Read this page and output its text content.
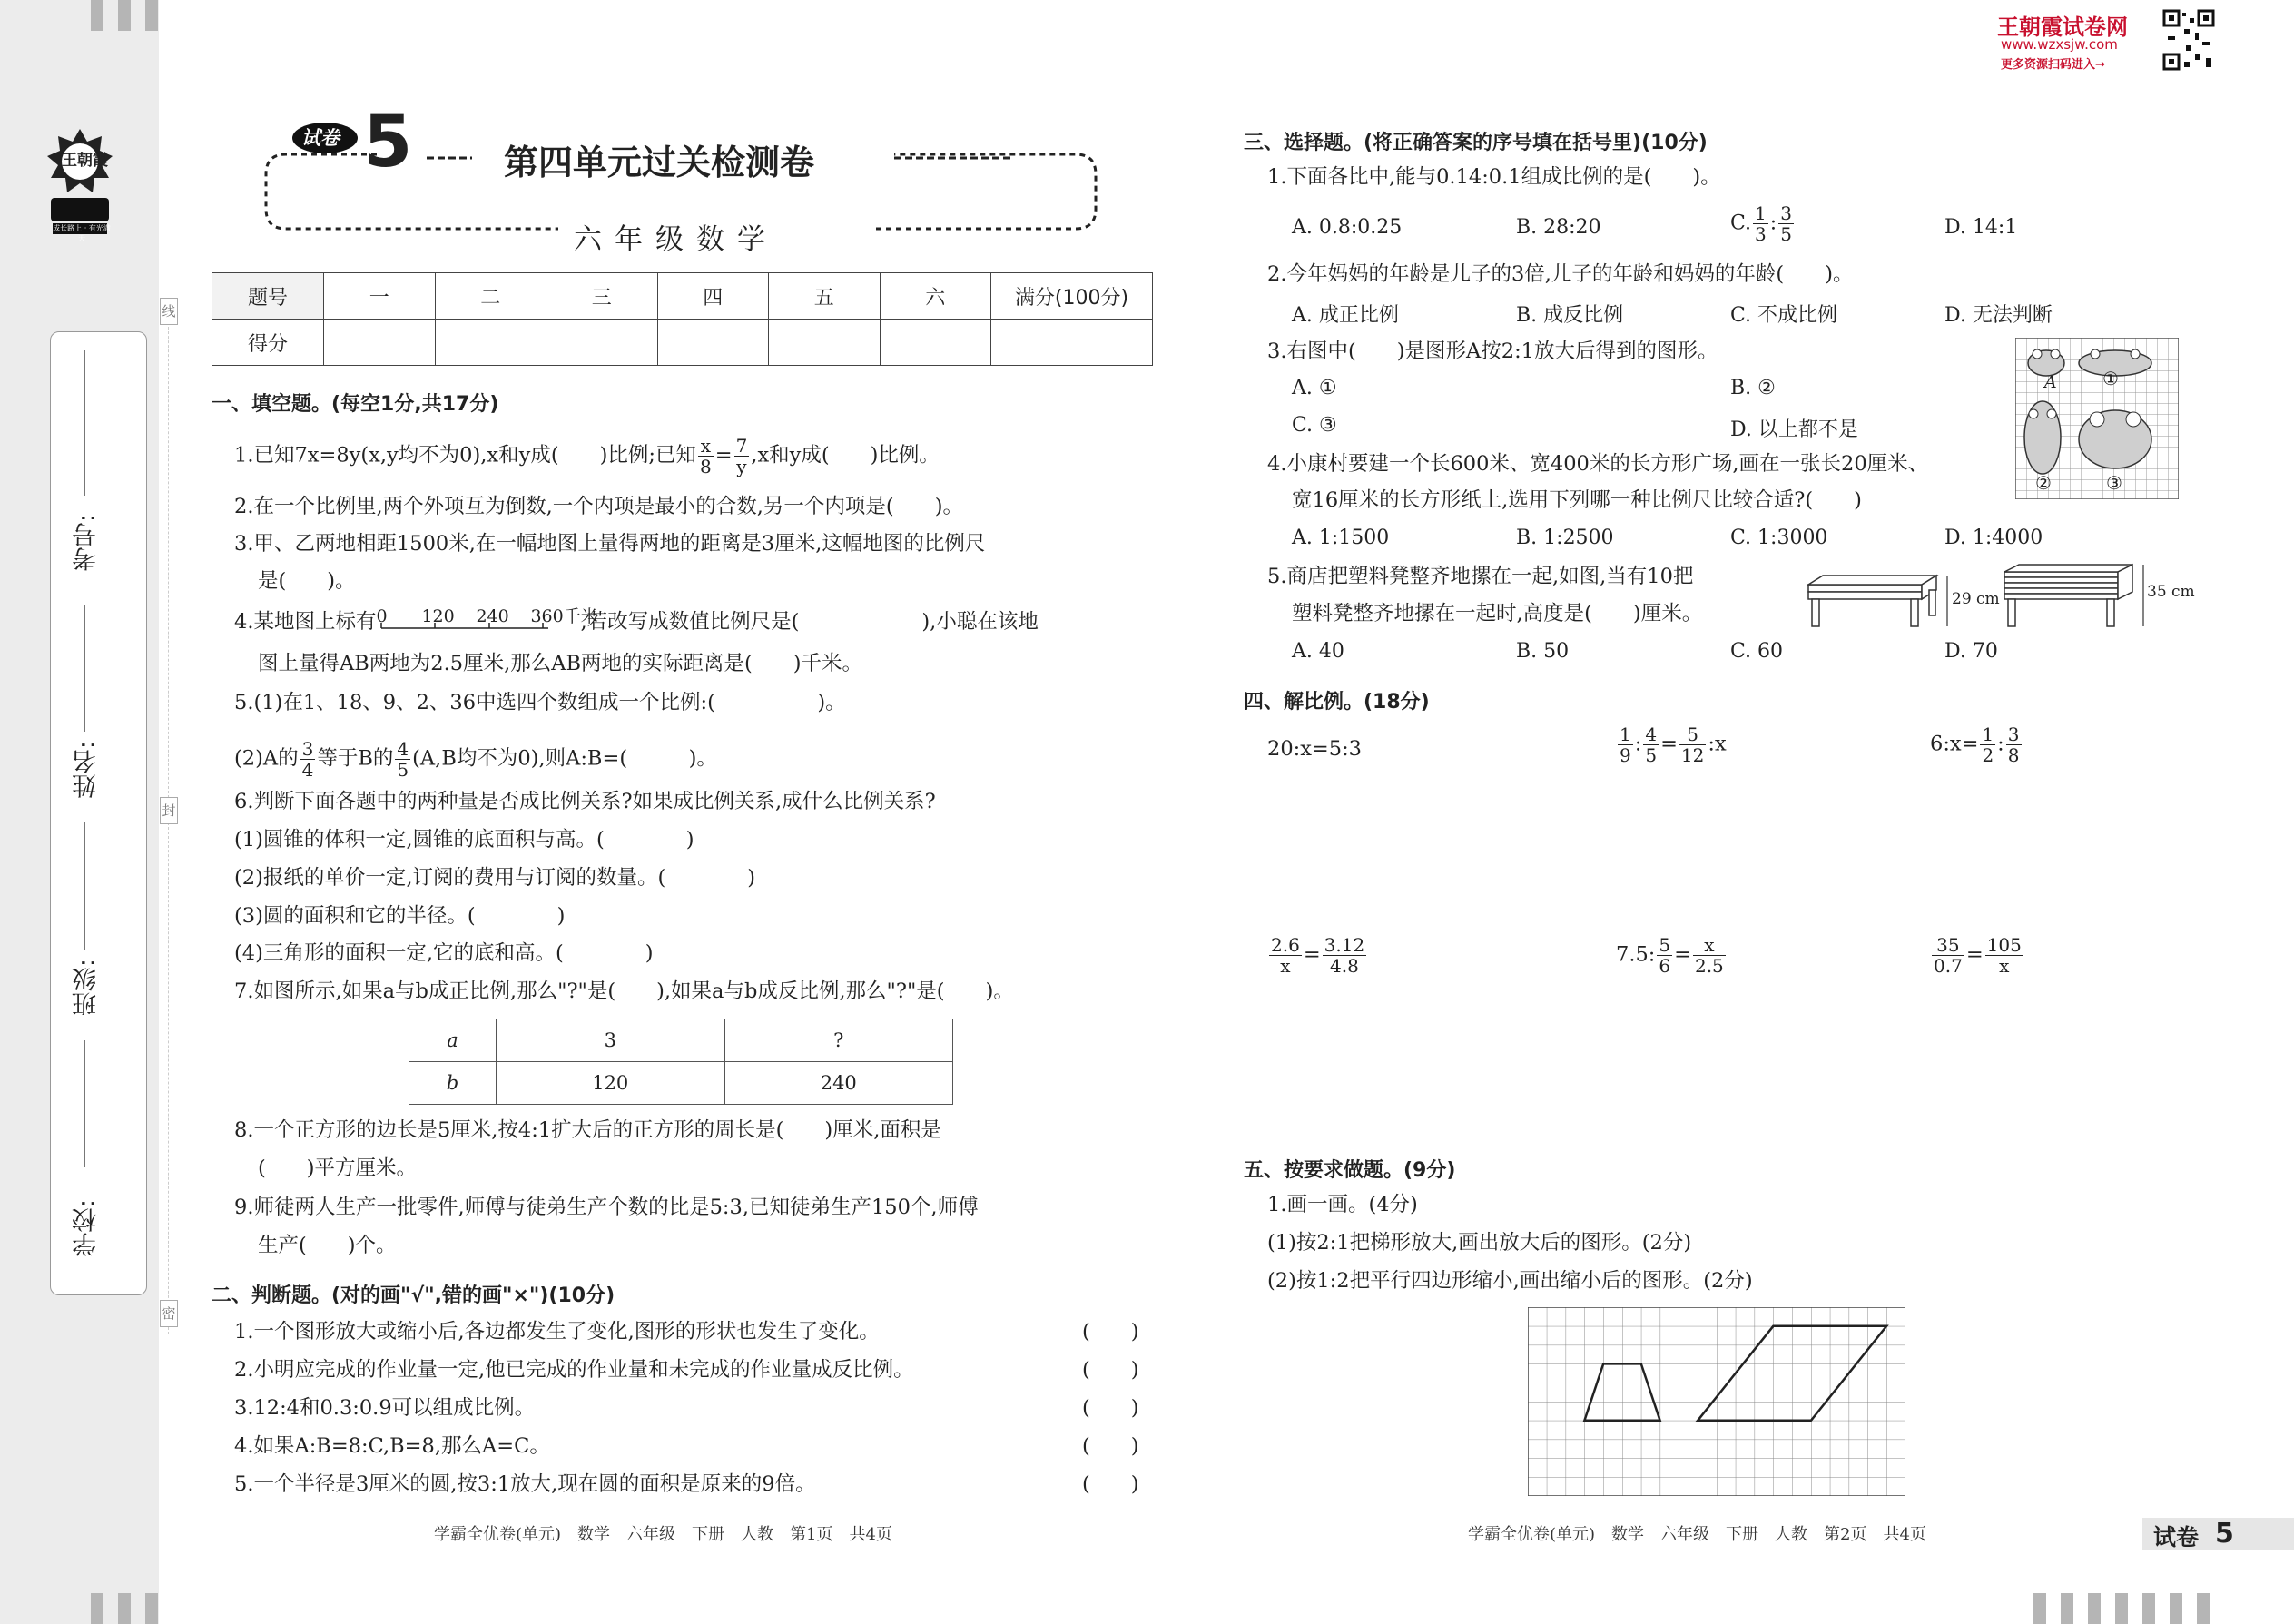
王朝霞
成长路上 · 有光满天
考号:
姓名:
班级:
学校:
线
封
密
王朝霞试卷网
www.wzxsjw.com
更多资源扫码进入→
试卷 5	第四单元过关检测卷
六年级数学
题号	一	二	三	四	五	六	满分(100分)
得分							
一、填空题。(每空1分,共17分)
1.已知7x=8y(x,y均不为0),x和y成(　　)比例;已知 $\frac{x}{8} = \frac{7}{y} ,x$和y成(　　)比例。
2.在一个比例里,两个外项互为倒数,一个内项是最小的合数,另一个内项是(　　)。
3.甲、乙两地相距1500米,在一幅地图上量得两地的距离是3厘米,这幅地图的比例尺
是(　　)。
4.某地图上标有 0 120 240 360千米
,若改写成数值比例尺是(　　　　　　),小聪在该地
图上量得AB两地为2.5厘米,那么AB两地的实际距离是(　　)千米。
5.(1)在1、18、9、2、36中选四个数组成一个比例:(　　　　　)。
(2)A的 $\frac{3}{4}$ 等于B的 $\frac{4}{5} (A,B$均不为0),则A:B=(　　　)。
6.判断下面各题中的两种量是否成比例关系?如果成比例关系,成什么比例关系?
(1)圆锥的体积一定,圆锥的底面积与高。(　　　　)
(2)报纸的单价一定,订阅的费用与订阅的数量。(　　　　)
(3)圆的面积和它的半径。(　　　　)
(4)三角形的面积一定,它的底和高。(　　　　)
7.如图所示,如果a与b成正比例,那么"?"是(　　),如果a与b成反比例,那么"?"是(　　)。
a	3	?
b	120	240
8.一个正方形的边长是5厘米,按4:1扩大后的正方形的周长是(　　)厘米,面积是
(　　)平方厘米。
9.师徒两人生产一批零件,师傅与徒弟生产个数的比是5:3,已知徒弟生产150个,师傅
生产(　　)个。
二、判断题。(对的画"√",错的画"×")(10分)
1.一个图形放大或缩小后,各边都发生了变化,图形的形状也发生了变化。
2.小明应完成的作业量一定,他已完成的作业量和未完成的作业量成反比例。
3.12:4和0.3:0.9可以组成比例。
4.如果A:B=8:C,B=8,那么A=C。
5.一个半径是3厘米的圆,按3:1放大,现在圆的面积是原来的9倍。
(　　)
(　　)
(　　)
(　　)
(　　)
学霸全优卷(单元)　数学　六年级　下册　人教　第1页　共4页
三、选择题。(将正确答案的序号填在括号里)(10分)
1.下面各比中,能与0.14:0.1组成比例的是(　　)。
A. 0.8:0.25	B. 28:20	C. $\frac{1}{3}$ : $\frac{3}{5}$	D. 14:1
2.今年妈妈的年龄是儿子的3倍,儿子的年龄和妈妈的年龄(　　)。
A. 成正比例	B. 成反比例	C. 不成比例	D. 无法判断
3.右图中(　　)是图形A按2:1放大后得到的图形。
A. ①	B. ②
C. ③	D. 以上都不是
A	①
②	③
4.小康村要建一个长600米、宽400米的长方形广场,画在一张长20厘米、
宽16厘米的长方形纸上,选用下列哪一种比例尺比较合适?(　　)
A. 1:1500	B. 1:2500	C. 1:3000	D. 1:4000
5.商店把塑料凳整齐地摞在一起,如图,当有10把
塑料凳整齐地摞在一起时,高度是(　　)厘米。
29 cm	35 cm
A. 40	B. 50	C. 60	D. 70
四、解比例。(18分)
20:x=5:3	$\frac{1}{9}$ : $\frac{4}{5} = \frac{5}{12}$ :x	6:x= $\frac{1}{2}$ : $\frac{3}{8}$
$\frac{2.6}{x} = \frac{3.12}{4.8}$	7.5: $\frac{5}{6} = \frac{x}{2.5}$	$\frac{35}{0.7} = \frac{105}{x}$
五、按要求做题。(9分)
1.画一画。(4分)
(1)按2:1把梯形放大,画出放大后的图形。(2分)
(2)按1:2把平行四边形缩小,画出缩小后的图形。(2分)
学霸全优卷(单元)　数学　六年级　下册　人教　第2页　共4页	试卷 5
